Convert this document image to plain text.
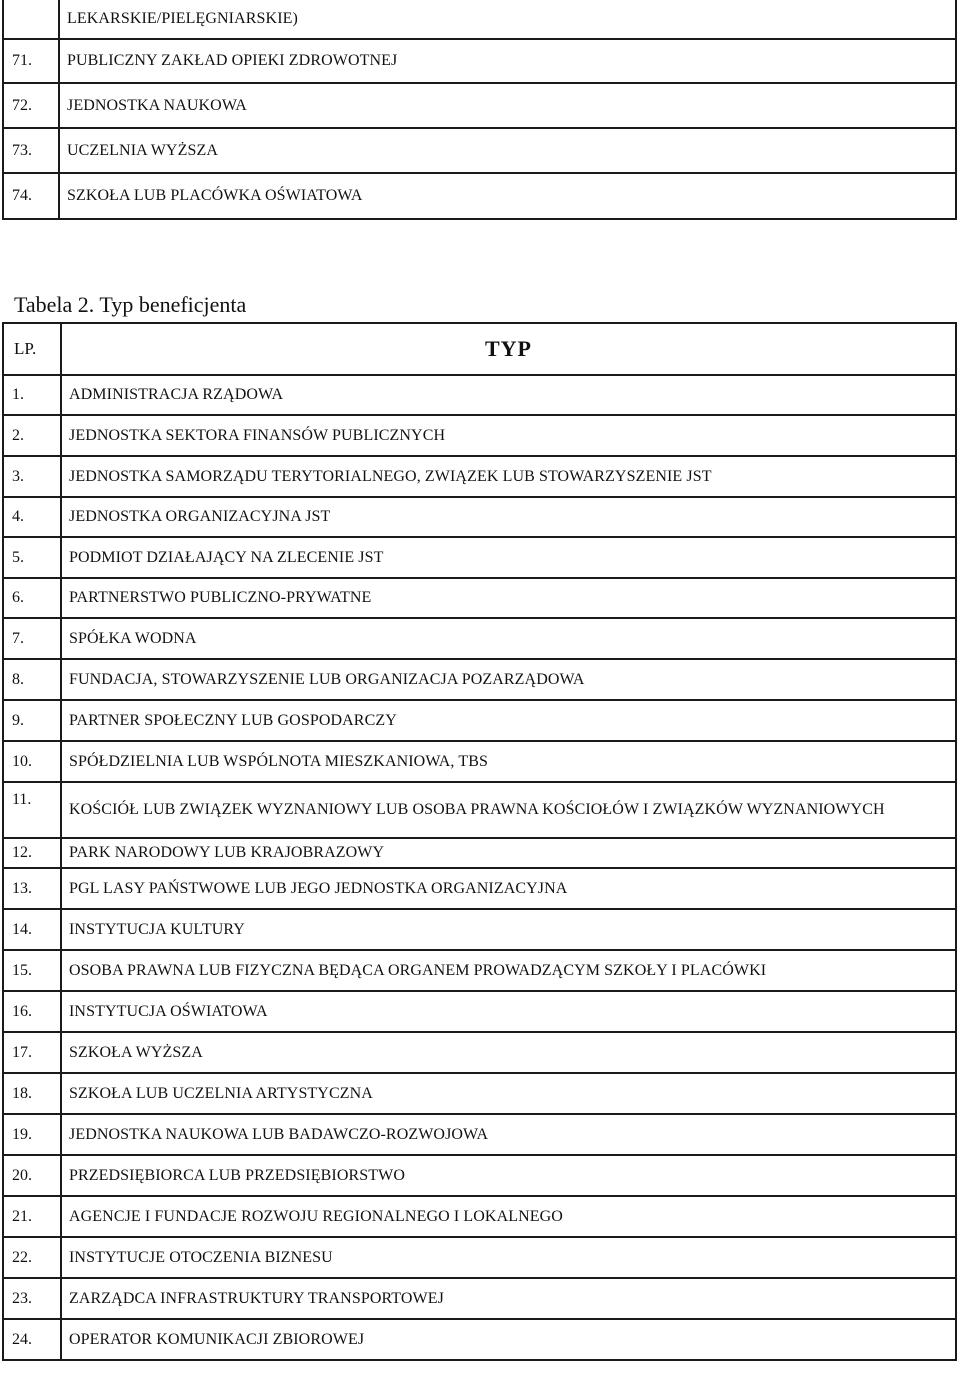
	LEKARSKIE/PIELĘGNIARSKIE)
71.	PUBLICZNY ZAKŁAD OPIEKI ZDROWOTNEJ
72.	JEDNOSTKA NAUKOWA
73.	UCZELNIA WYŻSZA
74.	SZKOŁA LUB PLACÓWKA OŚWIATOWA
Tabela 2. Typ beneficjenta
LP.	TYP
1.	ADMINISTRACJA RZĄDOWA
2.	JEDNOSTKA SEKTORA FINANSÓW PUBLICZNYCH
3.	JEDNOSTKA SAMORZĄDU TERYTORIALNEGO, ZWIĄZEK LUB STOWARZYSZENIE JST
4.	JEDNOSTKA ORGANIZACYJNA JST
5.	PODMIOT DZIAŁAJĄCY NA ZLECENIE JST
6.	PARTNERSTWO PUBLICZNO-PRYWATNE
7.	SPÓŁKA WODNA
8.	FUNDACJA, STOWARZYSZENIE LUB ORGANIZACJA POZARZĄDOWA
9.	PARTNER SPOŁECZNY LUB GOSPODARCZY
10.	SPÓŁDZIELNIA LUB WSPÓLNOTA MIESZKANIOWA, TBS
11.	KOŚCIÓŁ LUB ZWIĄZEK WYZNANIOWY LUB OSOBA PRAWNA KOŚCIOŁÓW I ZWIĄZKÓW WYZNANIOWYCH
12.	PARK NARODOWY LUB KRAJOBRAZOWY
13.	PGL LASY PAŃSTWOWE LUB JEGO JEDNOSTKA ORGANIZACYJNA
14.	INSTYTUCJA KULTURY
15.	OSOBA PRAWNA LUB FIZYCZNA BĘDĄCA ORGANEM PROWADZĄCYM SZKOŁY I PLACÓWKI
16.	INSTYTUCJA OŚWIATOWA
17.	SZKOŁA WYŻSZA
18.	SZKOŁA LUB UCZELNIA ARTYSTYCZNA
19.	JEDNOSTKA NAUKOWA LUB BADAWCZO-ROZWOJOWA
20.	PRZEDSIĘBIORCA LUB PRZEDSIĘBIORSTWO
21.	AGENCJE I FUNDACJE ROZWOJU REGIONALNEGO I LOKALNEGO
22.	INSTYTUCJE OTOCZENIA BIZNESU
23.	ZARZĄDCA INFRASTRUKTURY TRANSPORTOWEJ
24.	OPERATOR KOMUNIKACJI ZBIOROWEJ
